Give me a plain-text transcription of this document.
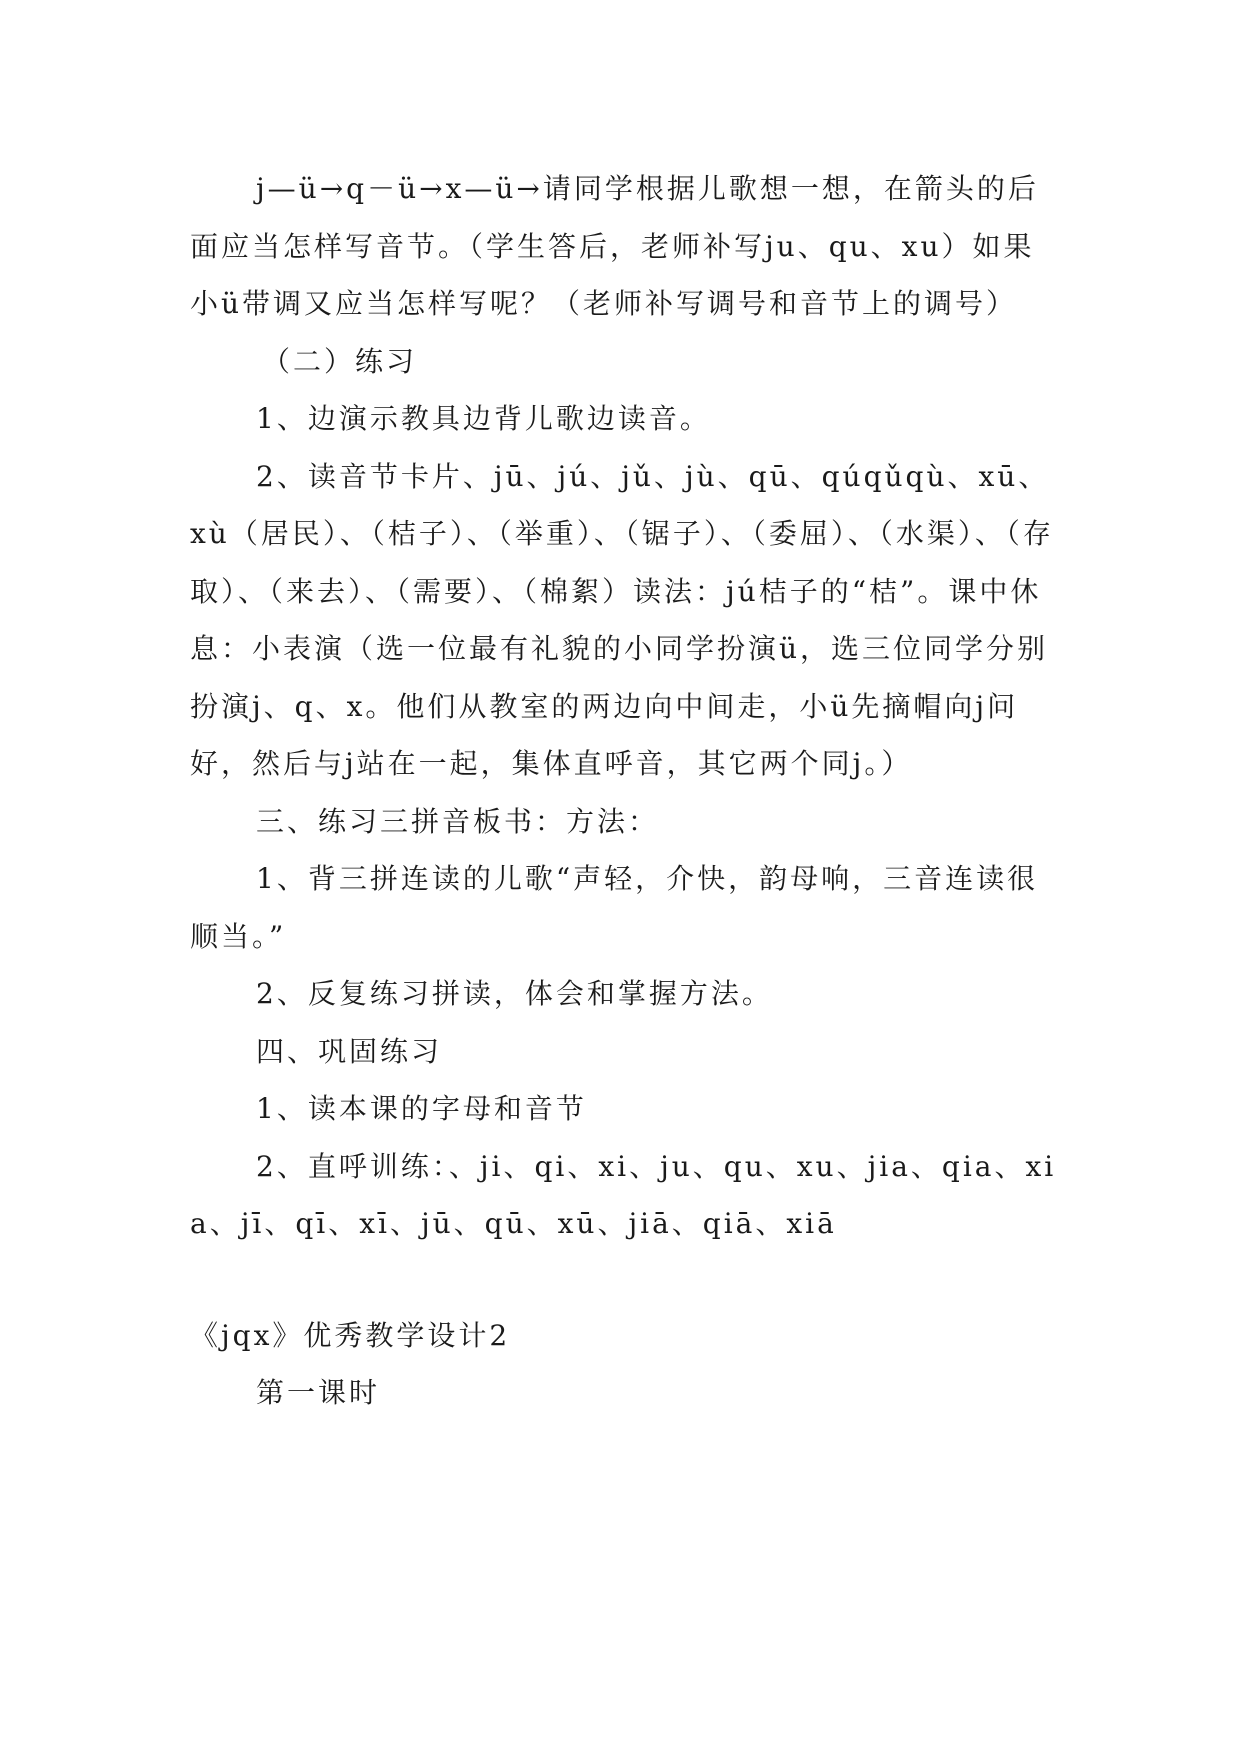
j—ü→q－ü→x—ü→请同学根据儿歌想一想，在箭头的后面应当怎样写音节。（学生答后，老师补写ju、qu、xu）如果小ü带调又应当怎样写呢？（老师补写调号和音节上的调号）

（二）练习

1、边演示教具边背儿歌边读音。

2、读音节卡片、jū、jú、jǔ、jù、qū、qúqǔqù、xū、xù（居民）、（桔子）、（举重）、（锯子）、（委屈）、（水渠）、（存取）、（来去）、（需要）、（棉絮）读法：jú桔子的“桔”。课中休息：小表演（选一位最有礼貌的小同学扮演ü，选三位同学分别扮演j、q、x。他们从教室的两边向中间走，小ü先摘帽向j问好，然后与j站在一起，集体直呼音，其它两个同j。）

三、练习三拼音板书：方法：

1、背三拼连读的儿歌“声轻，介快，韵母响，三音连读很顺当。”

2、反复练习拼读，体会和掌握方法。

四、巩固练习

1、读本课的字母和音节

2、直呼训练：、ji、qi、xi、ju、qu、xu、jia、qia、xia、jī、qī、xī、jū、qū、xū、jiā、qiā、xiā

《jqx》优秀教学设计2

第一课时
